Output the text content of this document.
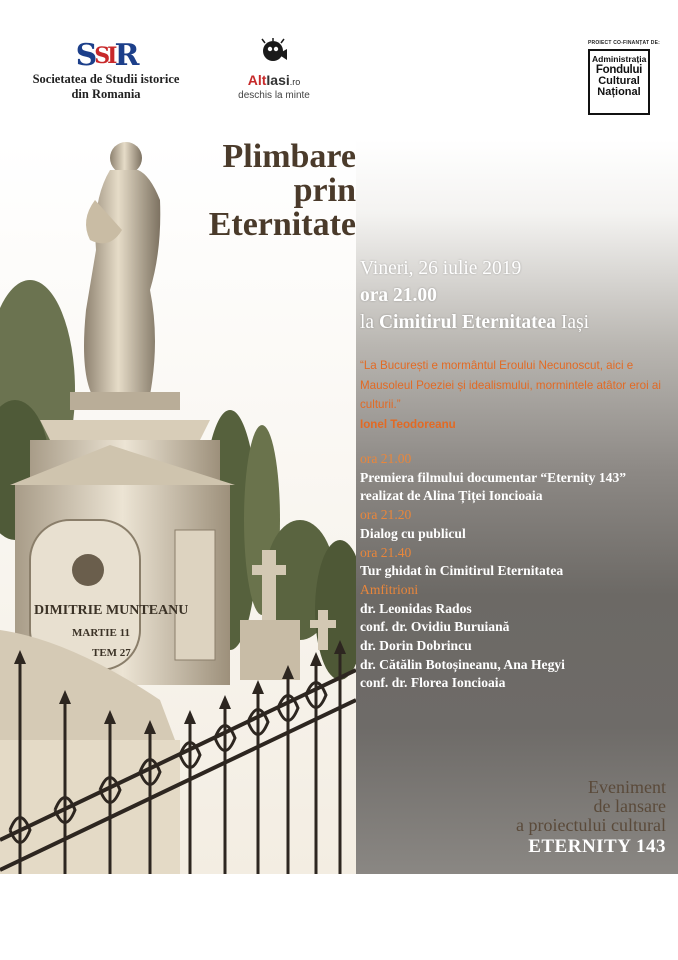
$S^{SI}R$
Societatea de Studii istorice din Romania
AltIasi.ro
deschis la minte
PROIECT CO-FINANȚAT DE:
Administrația
Fondului
Cultural
Național
DIMITRIE MUNTEANU
MARTIE 11
TEM 27
Plimbare
prin
Eternitate
Vineri, 26 iulie 2019
ora 21.00
la Cimitirul Eternitatea Iași
“La București e mormântul Eroului Necunoscut, aici e Mausoleul Poeziei și idealismului, mormintele atâtor eroi ai culturii.”
Ionel Teodoreanu
ora 21.00
Premiera filmului documentar “Eternity 143” realizat de Alina Țiței Ioncioaia
ora 21.20
Dialog cu publicul
ora 21.40
Tur ghidat în Cimitirul Eternitatea
Amfitrioni
dr. Leonidas Rados
conf. dr. Ovidiu Buruiană
dr. Dorin Dobrincu
dr. Cătălin Botoșineanu, Ana Hegyi
conf. dr. Florea Ioncioaia
Eveniment
de lansare
a proiectului cultural
ETERNITY 143
